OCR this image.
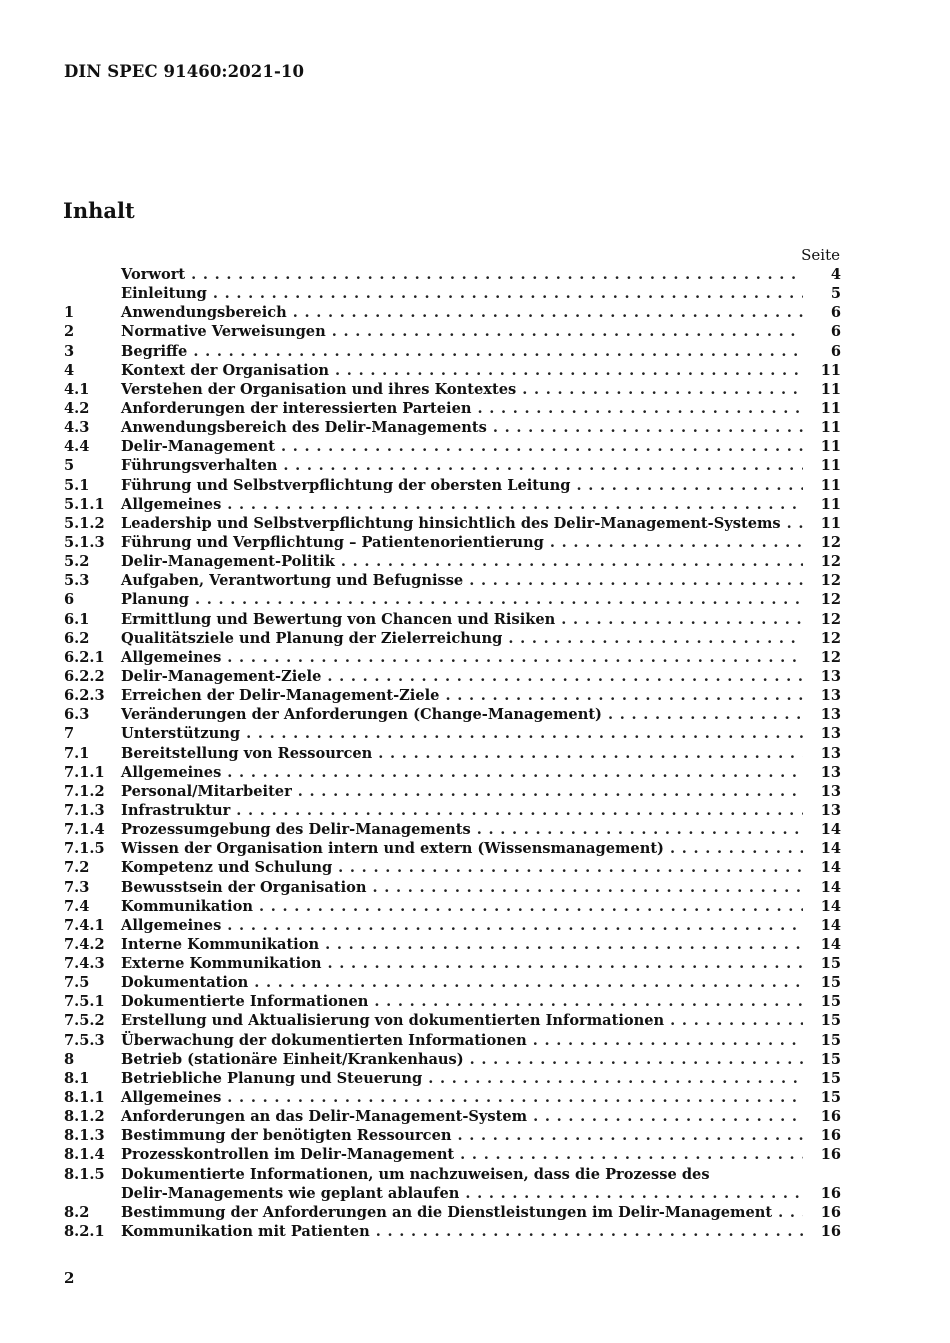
DIN SPEC 91460:2021-10
Inhalt
Seite
Vorwort . . .	4
Einleitung . . .	5
1	Anwendungsbereich . . .	6
2	Normative Verweisungen . . .	6
3	Begriffe . . .	6
4	Kontext der Organisation . . .	11
4.1	Verstehen der Organisation und ihres Kontextes . . .	11
4.2	Anforderungen der interessierten Parteien . . .	11
4.3	Anwendungsbereich des Delir-Managements . . .	11
4.4	Delir-Management . . .	11
5	Führungsverhalten . . .	11
5.1	Führung und Selbstverpflichtung der obersten Leitung . . .	11
5.1.1	Allgemeines . . .	11
5.1.2	Leadership und Selbstverpflichtung hinsichtlich des Delir-Management-Systems . . .	11
5.1.3	Führung und Verpflichtung – Patientenorientierung . . .	12
5.2	Delir-Management-Politik . . .	12
5.3	Aufgaben, Verantwortung und Befugnisse . . .	12
6	Planung . . .	12
6.1	Ermittlung und Bewertung von Chancen und Risiken . . .	12
6.2	Qualitätsziele und Planung der Zielerreichung . . .	12
6.2.1	Allgemeines . . .	12
6.2.2	Delir-Management-Ziele . . .	13
6.2.3	Erreichen der Delir-Management-Ziele . . .	13
6.3	Veränderungen der Anforderungen (Change-Management) . . .	13
7	Unterstützung . . .	13
7.1	Bereitstellung von Ressourcen . . .	13
7.1.1	Allgemeines . . .	13
7.1.2	Personal/Mitarbeiter . . .	13
7.1.3	Infrastruktur . . .	13
7.1.4	Prozessumgebung des Delir-Managements . . .	14
7.1.5	Wissen der Organisation intern und extern (Wissensmanagement) . . .	14
7.2	Kompetenz und Schulung . . .	14
7.3	Bewusstsein der Organisation . . .	14
7.4	Kommunikation . . .	14
7.4.1	Allgemeines . . .	14
7.4.2	Interne Kommunikation . . .	14
7.4.3	Externe Kommunikation . . .	15
7.5	Dokumentation . . .	15
7.5.1	Dokumentierte Informationen . . .	15
7.5.2	Erstellung und Aktualisierung von dokumentierten Informationen . . .	15
7.5.3	Überwachung der dokumentierten Informationen . . .	15
8	Betrieb (stationäre Einheit/Krankenhaus) . . .	15
8.1	Betriebliche Planung und Steuerung . . .	15
8.1.1	Allgemeines . . .	15
8.1.2	Anforderungen an das Delir-Management-System . . .	16
8.1.3	Bestimmung der benötigten Ressourcen . . .	16
8.1.4	Prozesskontrollen im Delir-Management . . .	16
8.1.5	Dokumentierte Informationen, um nachzuweisen, dass die Prozesse des
Delir-Managements wie geplant ablaufen . . .	16
8.2	Bestimmung der Anforderungen an die Dienstleistungen im Delir-Management . . .	16
8.2.1	Kommunikation mit Patienten . . .	16
2
